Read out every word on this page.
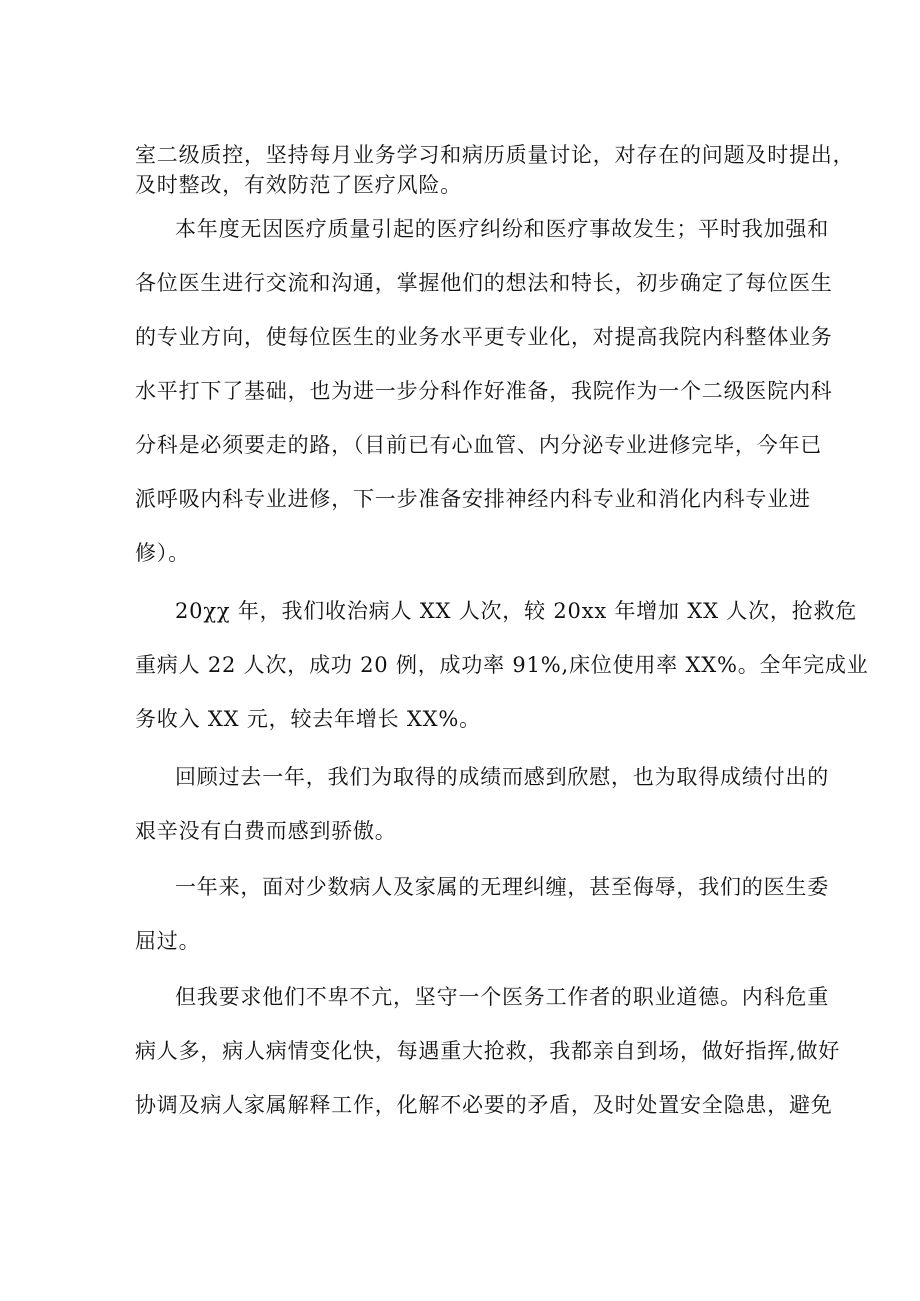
室二级质控，坚持每月业务学习和病历质量讨论，对存在的问题及时提出，
及时整改，有效防范了医疗风险。
本年度无因医疗质量引起的医疗纠纷和医疗事故发生；平时我加强和
各位医生进行交流和沟通，掌握他们的想法和特长，初步确定了每位医生
的专业方向，使每位医生的业务水平更专业化，对提高我院内科整体业务
水平打下了基础，也为进一步分科作好准备，我院作为一个二级医院内科
分科是必须要走的路，（目前已有心血管、内分泌专业进修完毕，今年已
派呼吸内科专业进修，下一步准备安排神经内科专业和消化内科专业进
修）。
20χχ 年，我们收治病人 XX 人次，较 20xx 年增加 XX 人次，抢救危
重病人 22 人次，成功 20 例，成功率 91%,床位使用率 XX%。全年完成业
务收入 XX 元，较去年增长 XX%。
回顾过去一年，我们为取得的成绩而感到欣慰，也为取得成绩付出的
艰辛没有白费而感到骄傲。
一年来，面对少数病人及家属的无理纠缠，甚至侮辱，我们的医生委
屈过。
但我要求他们不卑不亢，坚守一个医务工作者的职业道德。内科危重
病人多，病人病情变化快，每遇重大抢救，我都亲自到场，做好指挥,做好
协调及病人家属解释工作，化解不必要的矛盾，及时处置安全隐患，避免
